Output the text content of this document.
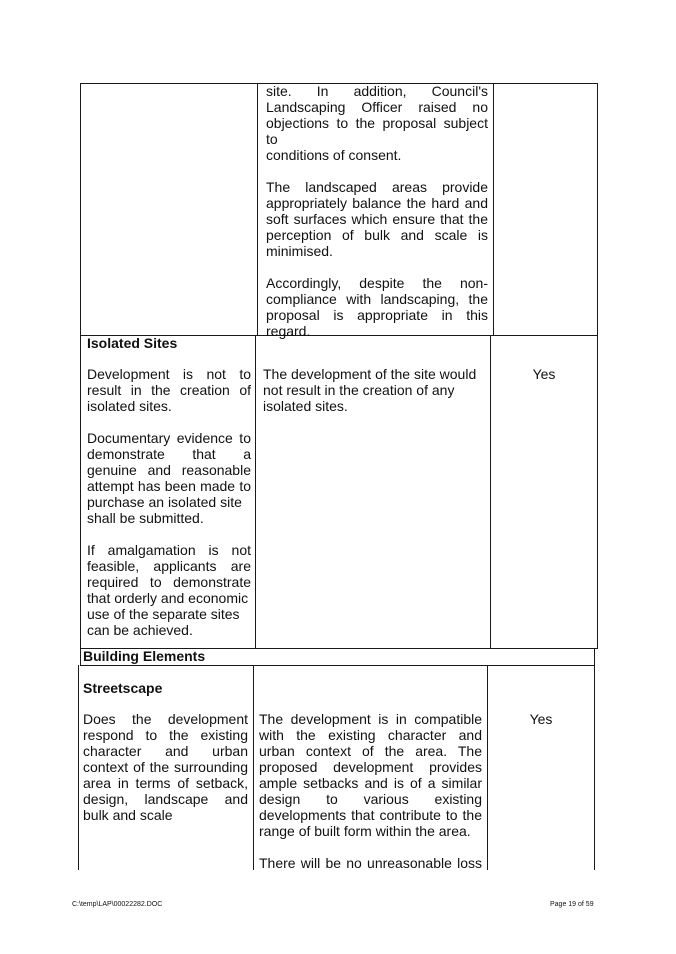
site. In addition, Council's
Landscaping Officer raised no
objections to the proposal subject to
conditions of consent.

The landscaped areas provide
appropriately balance the hard and
soft surfaces which ensure that the
perception of bulk and scale is
minimised.

Accordingly, despite the non-
compliance with landscaping, the
proposal is appropriate in this
regard.

Isolated Sites

Development is not to
result in the creation of
isolated sites.

Documentary evidence to
demonstrate that a
genuine and reasonable
attempt has been made to
purchase an isolated site
shall be submitted.

If amalgamation is not
feasible, applicants are
required to demonstrate
that orderly and economic
use of the separate sites
can be achieved.

The development of the site would
not result in the creation of any
isolated sites.
Yes
Building Elements
Streetscape
Does the development
respond to the existing
character and urban
context of the surrounding
area in terms of setback,
design, landscape and
bulk and scale

The development is in compatible
with the existing character and
urban context of the area. The
proposed development provides
ample setbacks and is of a similar
design to various existing
developments that contribute to the
range of built form within the area.

There will be no unreasonable loss

Yes
C:\temp\LAP\00022282.DOC	Page 19 of 59
